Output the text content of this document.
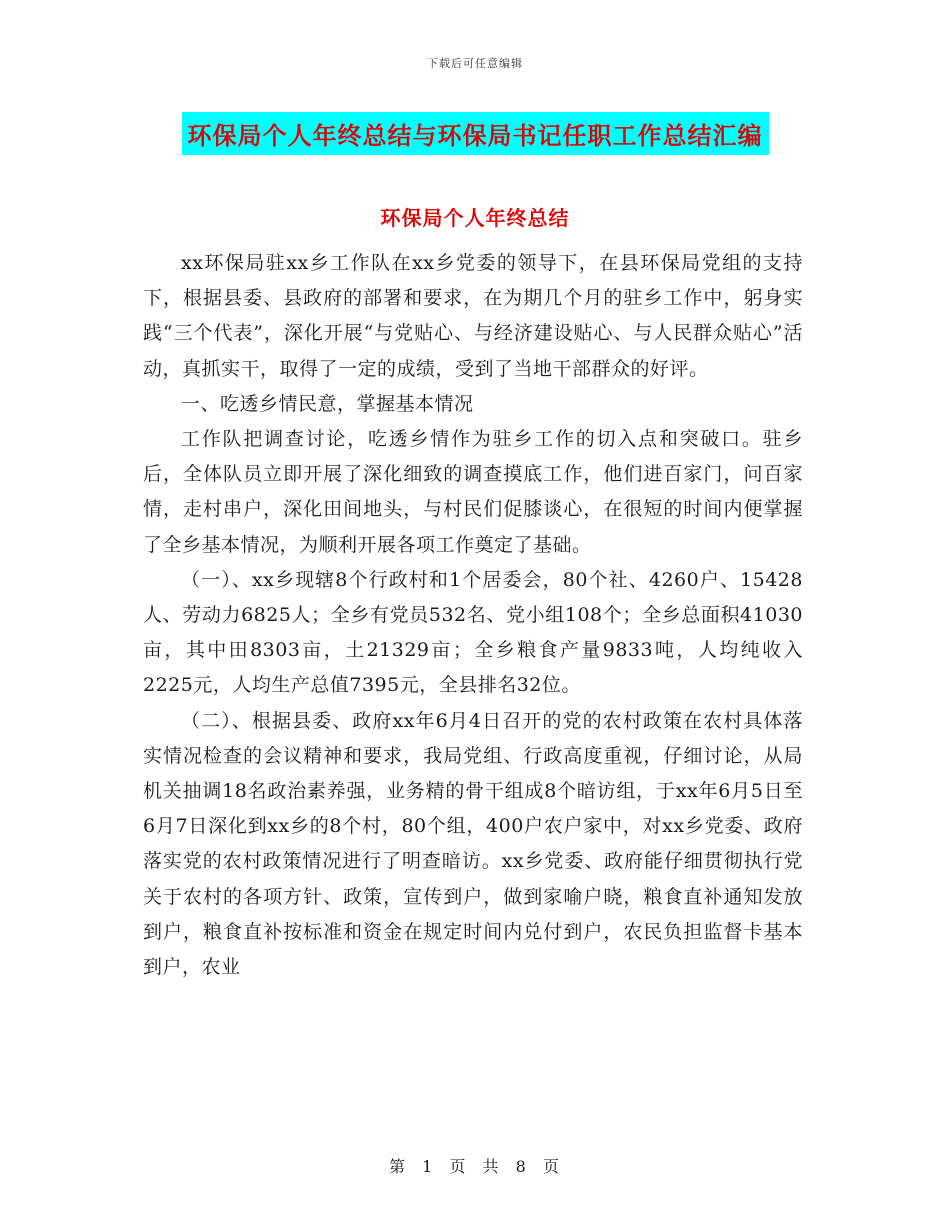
下载后可任意编辑
环保局个人年终总结与环保局书记任职工作总结汇编
环保局个人年终总结

xx环保局驻xx乡工作队在xx乡党委的领导下，在县环保局党组的支持下，根据县委、县政府的部署和要求，在为期几个月的驻乡工作中，躬身实践“三个代表”，深化开展“与党贴心、与经济建设贴心、与人民群众贴心”活动，真抓实干，取得了一定的成绩，受到了当地干部群众的好评。

一、吃透乡情民意，掌握基本情况

工作队把调查讨论，吃透乡情作为驻乡工作的切入点和突破口。驻乡后，全体队员立即开展了深化细致的调查摸底工作，他们进百家门，问百家情，走村串户，深化田间地头，与村民们促膝谈心，在很短的时间内便掌握了全乡基本情况，为顺利开展各项工作奠定了基础。

（一）、xx乡现辖8个行政村和1个居委会，80个社、4260户、15428人、劳动力6825人；全乡有党员532名、党小组108个；全乡总面积41030亩，其中田8303亩，土21329亩；全乡粮食产量9833吨，人均纯收入2225元，人均生产总值7395元，全县排名32位。

（二）、根据县委、政府xx年6月4日召开的党的农村政策在农村具体落实情况检查的会议精神和要求，我局党组、行政高度重视，仔细讨论，从局机关抽调18名政治素养强，业务精的骨干组成8个暗访组，于xx年6月5日至6月7日深化到xx乡的8个村，80个组，400户农户家中，对xx乡党委、政府落实党的农村政策情况进行了明查暗访。xx乡党委、政府能仔细贯彻执行党关于农村的各项方针、政策，宣传到户，做到家喻户晓，粮食直补通知发放到户，粮食直补按标准和资金在规定时间内兑付到户，农民负担监督卡基本到户，农业

第 1 页 共 8 页
